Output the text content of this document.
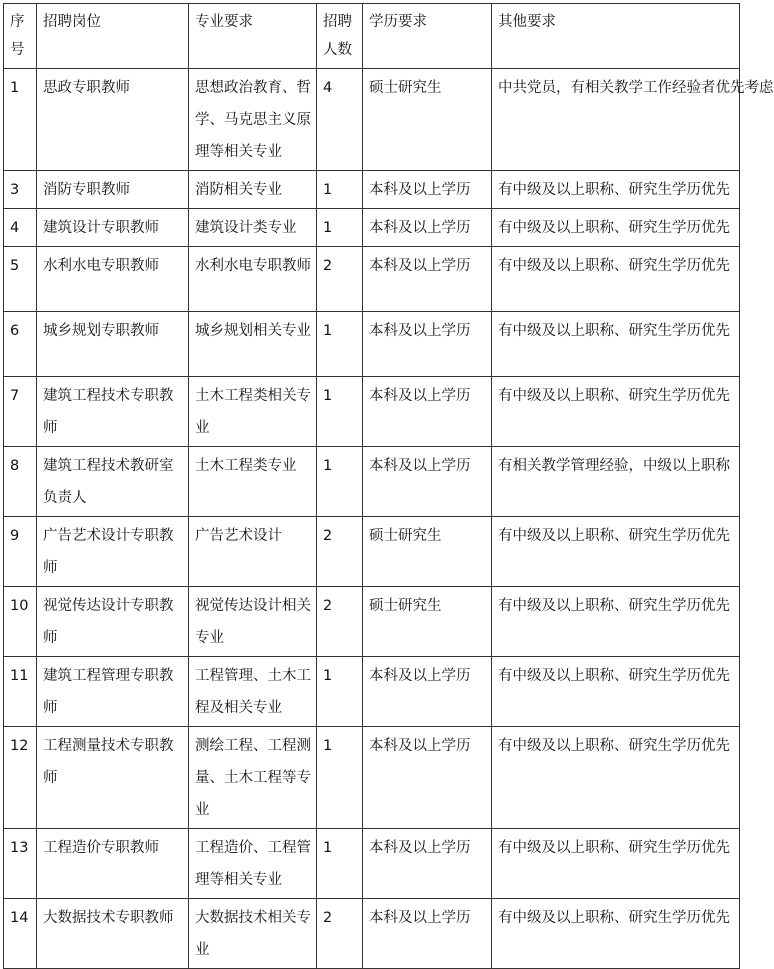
序号	招聘岗位	专业要求	招聘人数	学历要求	其他要求
1	思政专职教师	思想政治教育、哲学、马克思主义原理等相关专业	4	硕士研究生	中共党员，有相关教学工作经验者优先考虑
3	消防专职教师	消防相关专业	1	本科及以上学历	有中级及以上职称、研究生学历优先
4	建筑设计专职教师	建筑设计类专业	1	本科及以上学历	有中级及以上职称、研究生学历优先
5	水利水电专职教师	水利水电专职教师	2	本科及以上学历	有中级及以上职称、研究生学历优先
6	城乡规划专职教师	城乡规划相关专业	1	本科及以上学历	有中级及以上职称、研究生学历优先
7	建筑工程技术专职教师	土木工程类相关专业	1	本科及以上学历	有中级及以上职称、研究生学历优先
8	建筑工程技术教研室负责人	土木工程类专业	1	本科及以上学历	有相关教学管理经验，中级以上职称
9	广告艺术设计专职教师	广告艺术设计	2	硕士研究生	有中级及以上职称、研究生学历优先
10	视觉传达设计专职教师	视觉传达设计相关专业	2	硕士研究生	有中级及以上职称、研究生学历优先
11	建筑工程管理专职教师	工程管理、土木工程及相关专业	1	本科及以上学历	有中级及以上职称、研究生学历优先
12	工程测量技术专职教师	测绘工程、工程测量、土木工程等专业	1	本科及以上学历	有中级及以上职称、研究生学历优先
13	工程造价专职教师	工程造价、工程管理等相关专业	1	本科及以上学历	有中级及以上职称、研究生学历优先
14	大数据技术专职教师	大数据技术相关专业	2	本科及以上学历	有中级及以上职称、研究生学历优先
